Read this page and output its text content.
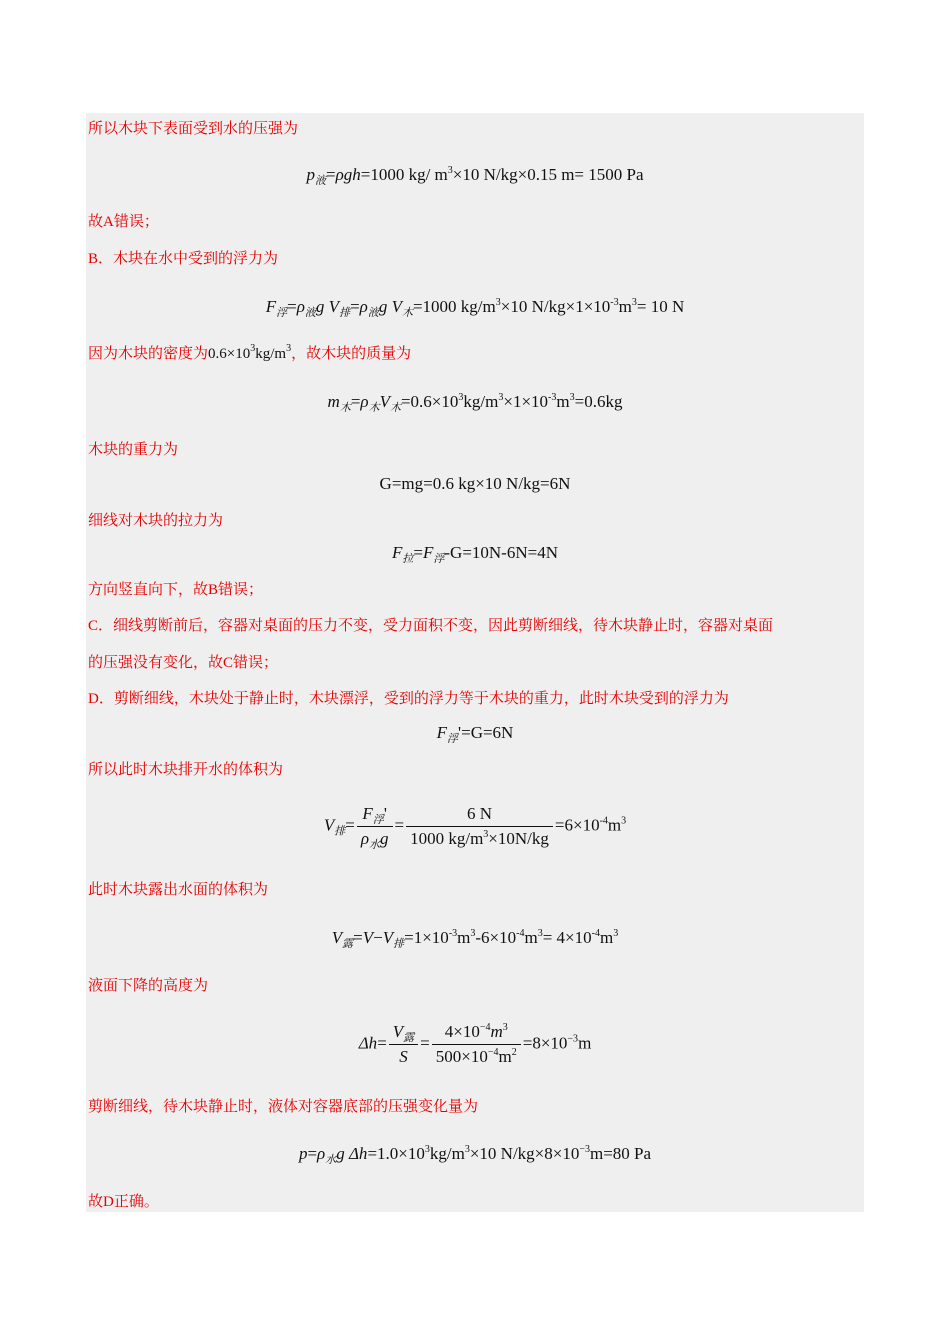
所以木块下表面受到水的压强为
$p_液=\rho gh=1000$ kg/ $m^3\times 10$ N/kg×0.15 m= 1500 Pa
故A错误；
B．木块在水中受到的浮力为
$F_浮=\rho_液g$ $V_排=\rho_液g$ $V_木=1000$ $kg/m^3\times 10$ $N/kg\times 1\times 10^{-3}m^3= 10$ N
因为木块的密度为$0.6\times 10^3kg/m^3$，故木块的质量为
$m_木=\rho_木V_木=0.6\times 10^3kg/m^3\times 1\times 10^{-3}m^3=0.6kg$
木块的重力为
G=mg=0.6 kg×10 N/kg=6N
细线对木块的拉力为
$F_拉=F_浮-G=10N-6N=4N$
方向竖直向下，故B错误；
C．细线剪断前后，容器对桌面的压力不变，受力面积不变，因此剪断细线，待木块静止时，容器对桌面
的压强没有变化，故C错误；
D．剪断细线，木块处于静止时，木块漂浮，受到的浮力等于木块的重力，此时木块受到的浮力为
$F_浮'=G=6N$
所以此时木块排开水的体积为
$V_排= \frac{F_浮'}{\rho_水g} = \frac{6 N}{1000 kg/m^3\times 10N/kg} =6\times 10^{-4}m^3$
此时木块露出水面的体积为
$V_露=V-V_排=1\times 10^{-3}m^3-6\times 10^{-4}m^3= 4\times 10^{-4}m^3$
液面下降的高度为
$\Delta h= \frac{V_露}{S} = \frac{4\times 10^{-4}m^3}{500\times 10^{-4}m^2} =8\times 10^{-3}m$
剪断细线，待木块静止时，液体对容器底部的压强变化量为
$p=\rho_水g$ $\Delta h=1.0\times 10^3kg/m^3\times 10$ $N/kg\times 8\times 10^{-3}m=80$ Pa
故D正确。
